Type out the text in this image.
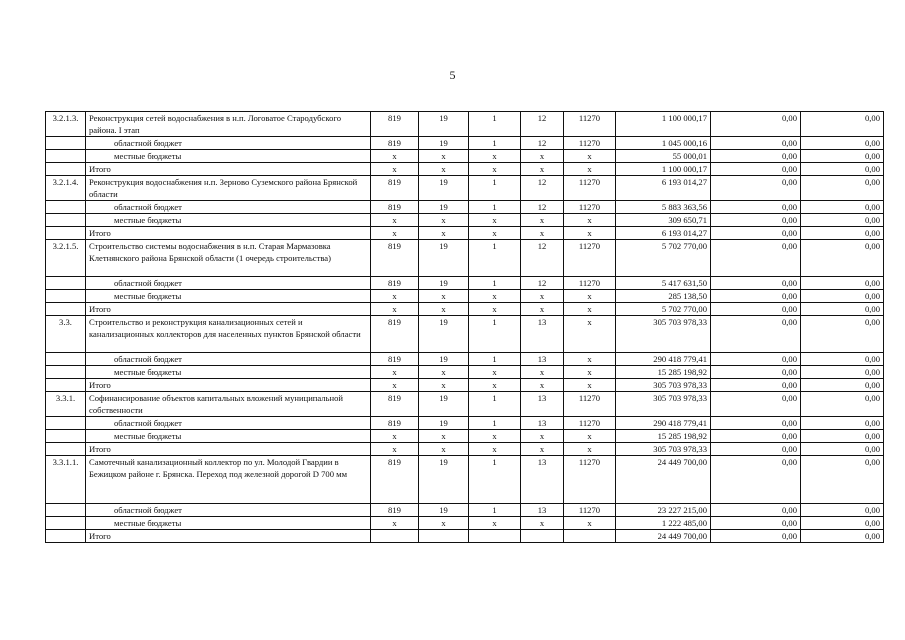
5
3.2.1.3.	Реконструкция сетей водоснабжения в н.п. Логоватое Стародубского района. I этап	819	19	1	12	11270	1 100 000,17	0,00	0,00
	областной бюджет	819	19	1	12	11270	1 045 000,16	0,00	0,00
	местные бюджеты	x	x	x	x	x	55 000,01	0,00	0,00
	Итого	x	x	x	x	x	1 100 000,17	0,00	0,00
3.2.1.4.	Реконструкция водоснабжения н.п. Зерново Суземского района Брянской области	819	19	1	12	11270	6 193 014,27	0,00	0,00
	областной бюджет	819	19	1	12	11270	5 883 363,56	0,00	0,00
	местные бюджеты	x	x	x	x	x	309 650,71	0,00	0,00
	Итого	x	x	x	x	x	6 193 014,27	0,00	0,00
3.2.1.5.	Строительство системы водоснабжения в н.п. Старая Мармазовка Клетнянского района Брянской области (1 очередь строительства)	819	19	1	12	11270	5 702 770,00	0,00	0,00
	областной бюджет	819	19	1	12	11270	5 417 631,50	0,00	0,00
	местные бюджеты	x	x	x	x	x	285 138,50	0,00	0,00
	Итого	x	x	x	x	x	5 702 770,00	0,00	0,00
3.3.	Строительство и реконструкция канализационных сетей и канализационных коллекторов для населенных пунктов Брянской области	819	19	1	13	x	305 703 978,33	0,00	0,00
	областной бюджет	819	19	1	13	x	290 418 779,41	0,00	0,00
	местные бюджеты	x	x	x	x	x	15 285 198,92	0,00	0,00
	Итого	x	x	x	x	x	305 703 978,33	0,00	0,00
3.3.1.	Софинансирование объектов капитальных вложений муниципальной собственности	819	19	1	13	11270	305 703 978,33	0,00	0,00
	областной бюджет	819	19	1	13	11270	290 418 779,41	0,00	0,00
	местные бюджеты	x	x	x	x	x	15 285 198,92	0,00	0,00
	Итого	x	x	x	x	x	305 703 978,33	0,00	0,00
3.3.1.1.	Самотечный канализационный коллектор по ул. Молодой Гвардии в Бежицком районе г. Брянска. Переход под железной дорогой D 700 мм	819	19	1	13	11270	24 449 700,00	0,00	0,00
	областной бюджет	819	19	1	13	11270	23 227 215,00	0,00	0,00
	местные бюджеты	x	x	x	x	x	1 222 485,00	0,00	0,00
	Итого						24 449 700,00	0,00	0,00
